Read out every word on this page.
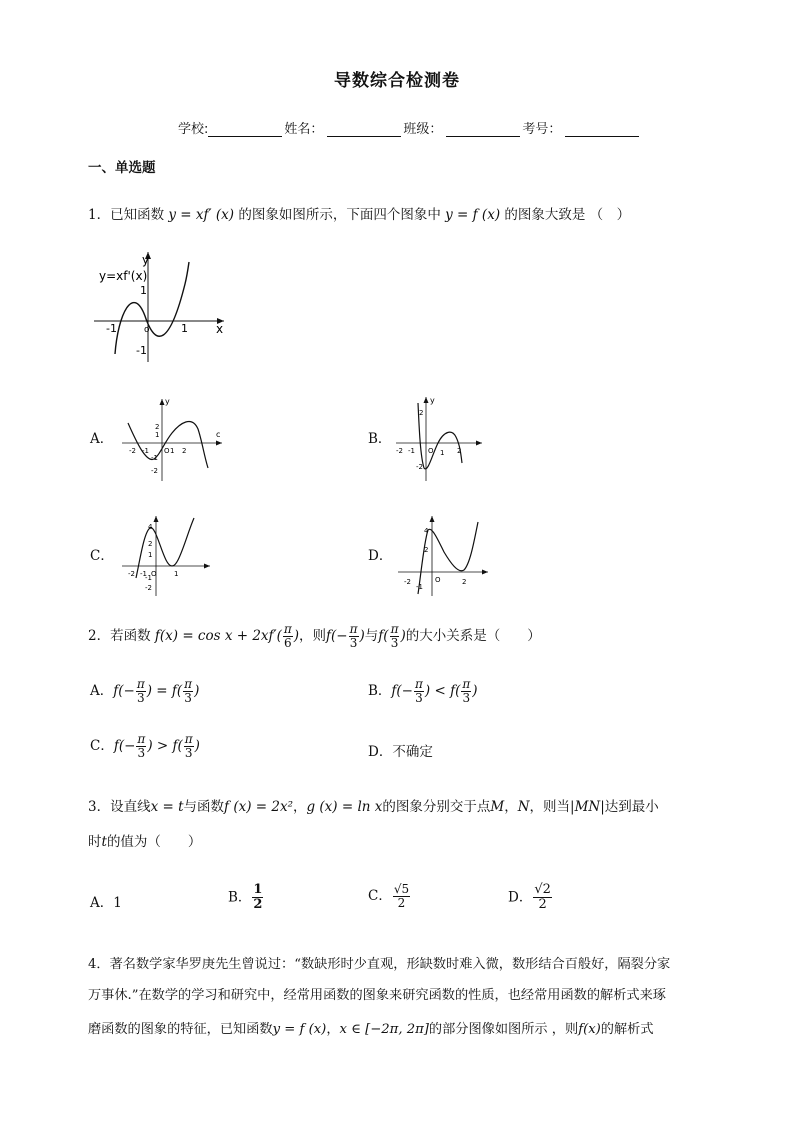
导数综合检测卷
学校:	姓名：	班级：	考号：
一、单选题
1．已知函数 y = xf′ (x) 的图象如图所示，下面四个图象中 y = f (x) 的图象大致是 （　）
y
y=xf'(x)
x
1
-1
o	1
-1
A．	B．
C．	D．
y
c
2
1
-1
-2
-2 -1 O 1 2
y
2
-2
-2 -1 O 1 2
4
2
1
-1
-2
-2 -1 O 1
4
2
-2
-1
O	2
2．若函数 $f(x) = \cos x + 2xf'( \frac{\pi}{6}$ )，则$f(- \frac{\pi}{3}$ )与$f( \frac{\pi}{3}$ )的大小关系是（　　）
A．$f(- \frac{\pi}{3}$ ) = $f( \frac{\pi}{3}$ )	B．$f(- \frac{\pi}{3}$ ) < $f( \frac{\pi}{3}$ )
C．$f(- \frac{\pi}{3}$ ) > $f( \frac{\pi}{3}$ )	D．不确定
3．设直线x = t与函数f (x) = 2x²，g (x) = ln x的图象分别交于点M，N，则当|MN|达到最小
时t的值为（　　）
A．1	B． $\frac{1}{2}$	C． $\frac{√5}{2}$	D． $\frac{√2}{2}$
4．著名数学家华罗庚先生曾说过：“数缺形时少直观，形缺数时难入微，数形结合百般好，隔裂分家
万事休.”在数学的学习和研究中，经常用函数的图象来研究函数的性质，也经常用函数的解析式来琢
磨函数的图象的特征，已知函数y = f (x)，x ∈ [−2π, 2π]的部分图像如图所示 ，则f(x)的解析式
